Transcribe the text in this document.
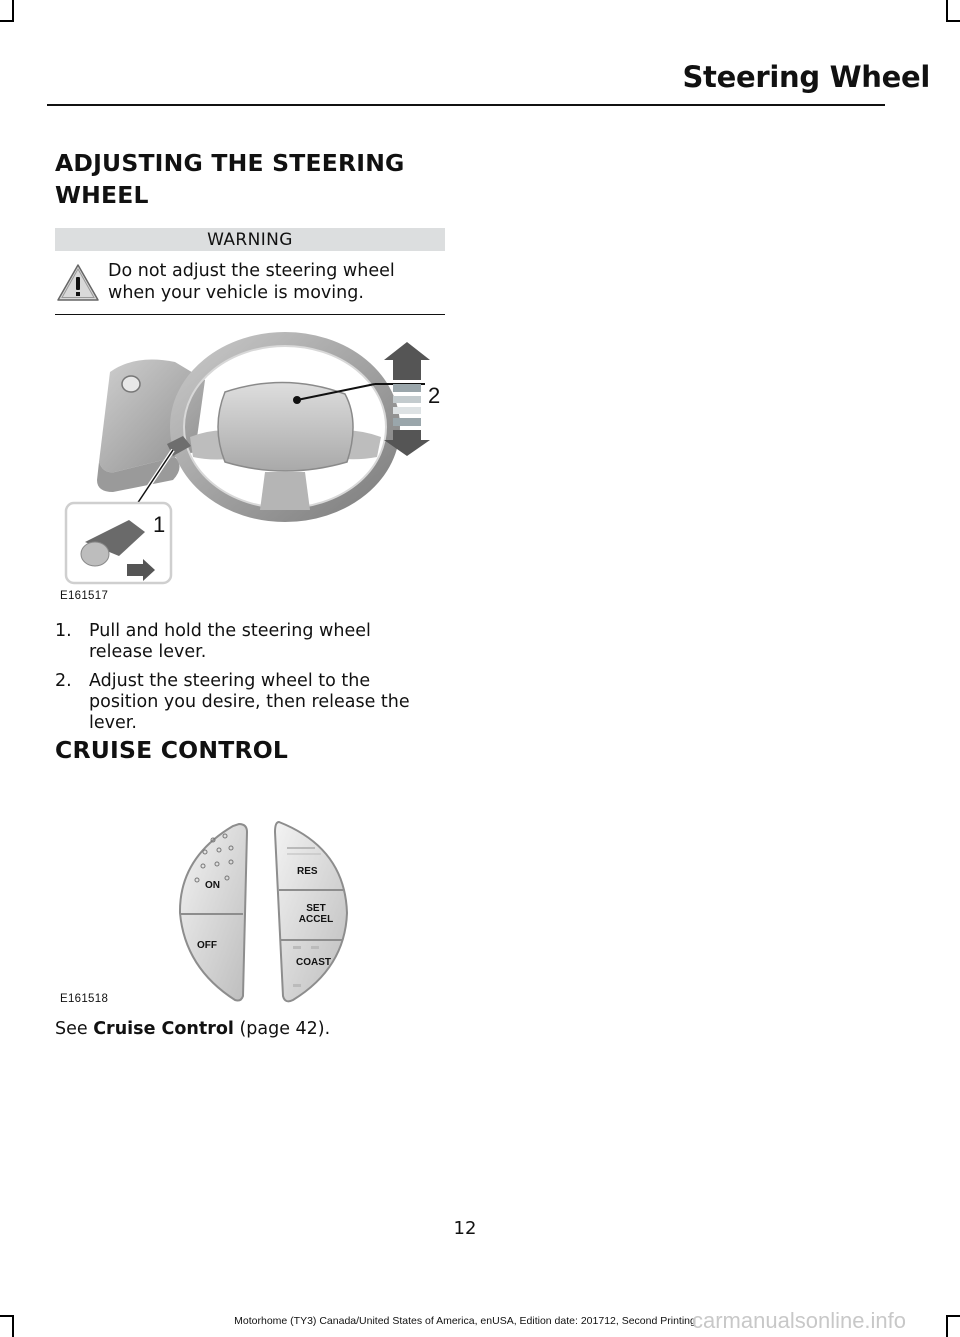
Steering Wheel
ADJUSTING THE STEERING
WHEEL
WARNING
Do not adjust the steering wheel
when your vehicle is moving.
2
1
E161517
1. Pull and hold the steering wheel
release lever.
2. Adjust the steering wheel to the
position you desire, then release the
lever.
CRUISE CONTROL
ON
OFF
RES
SET
ACCEL
COAST
E161518
See Cruise Control (page 42).
12
Motorhome (TY3) Canada/United States of America, enUSA, Edition date: 201712, Second Printing
carmanualsonline.info
